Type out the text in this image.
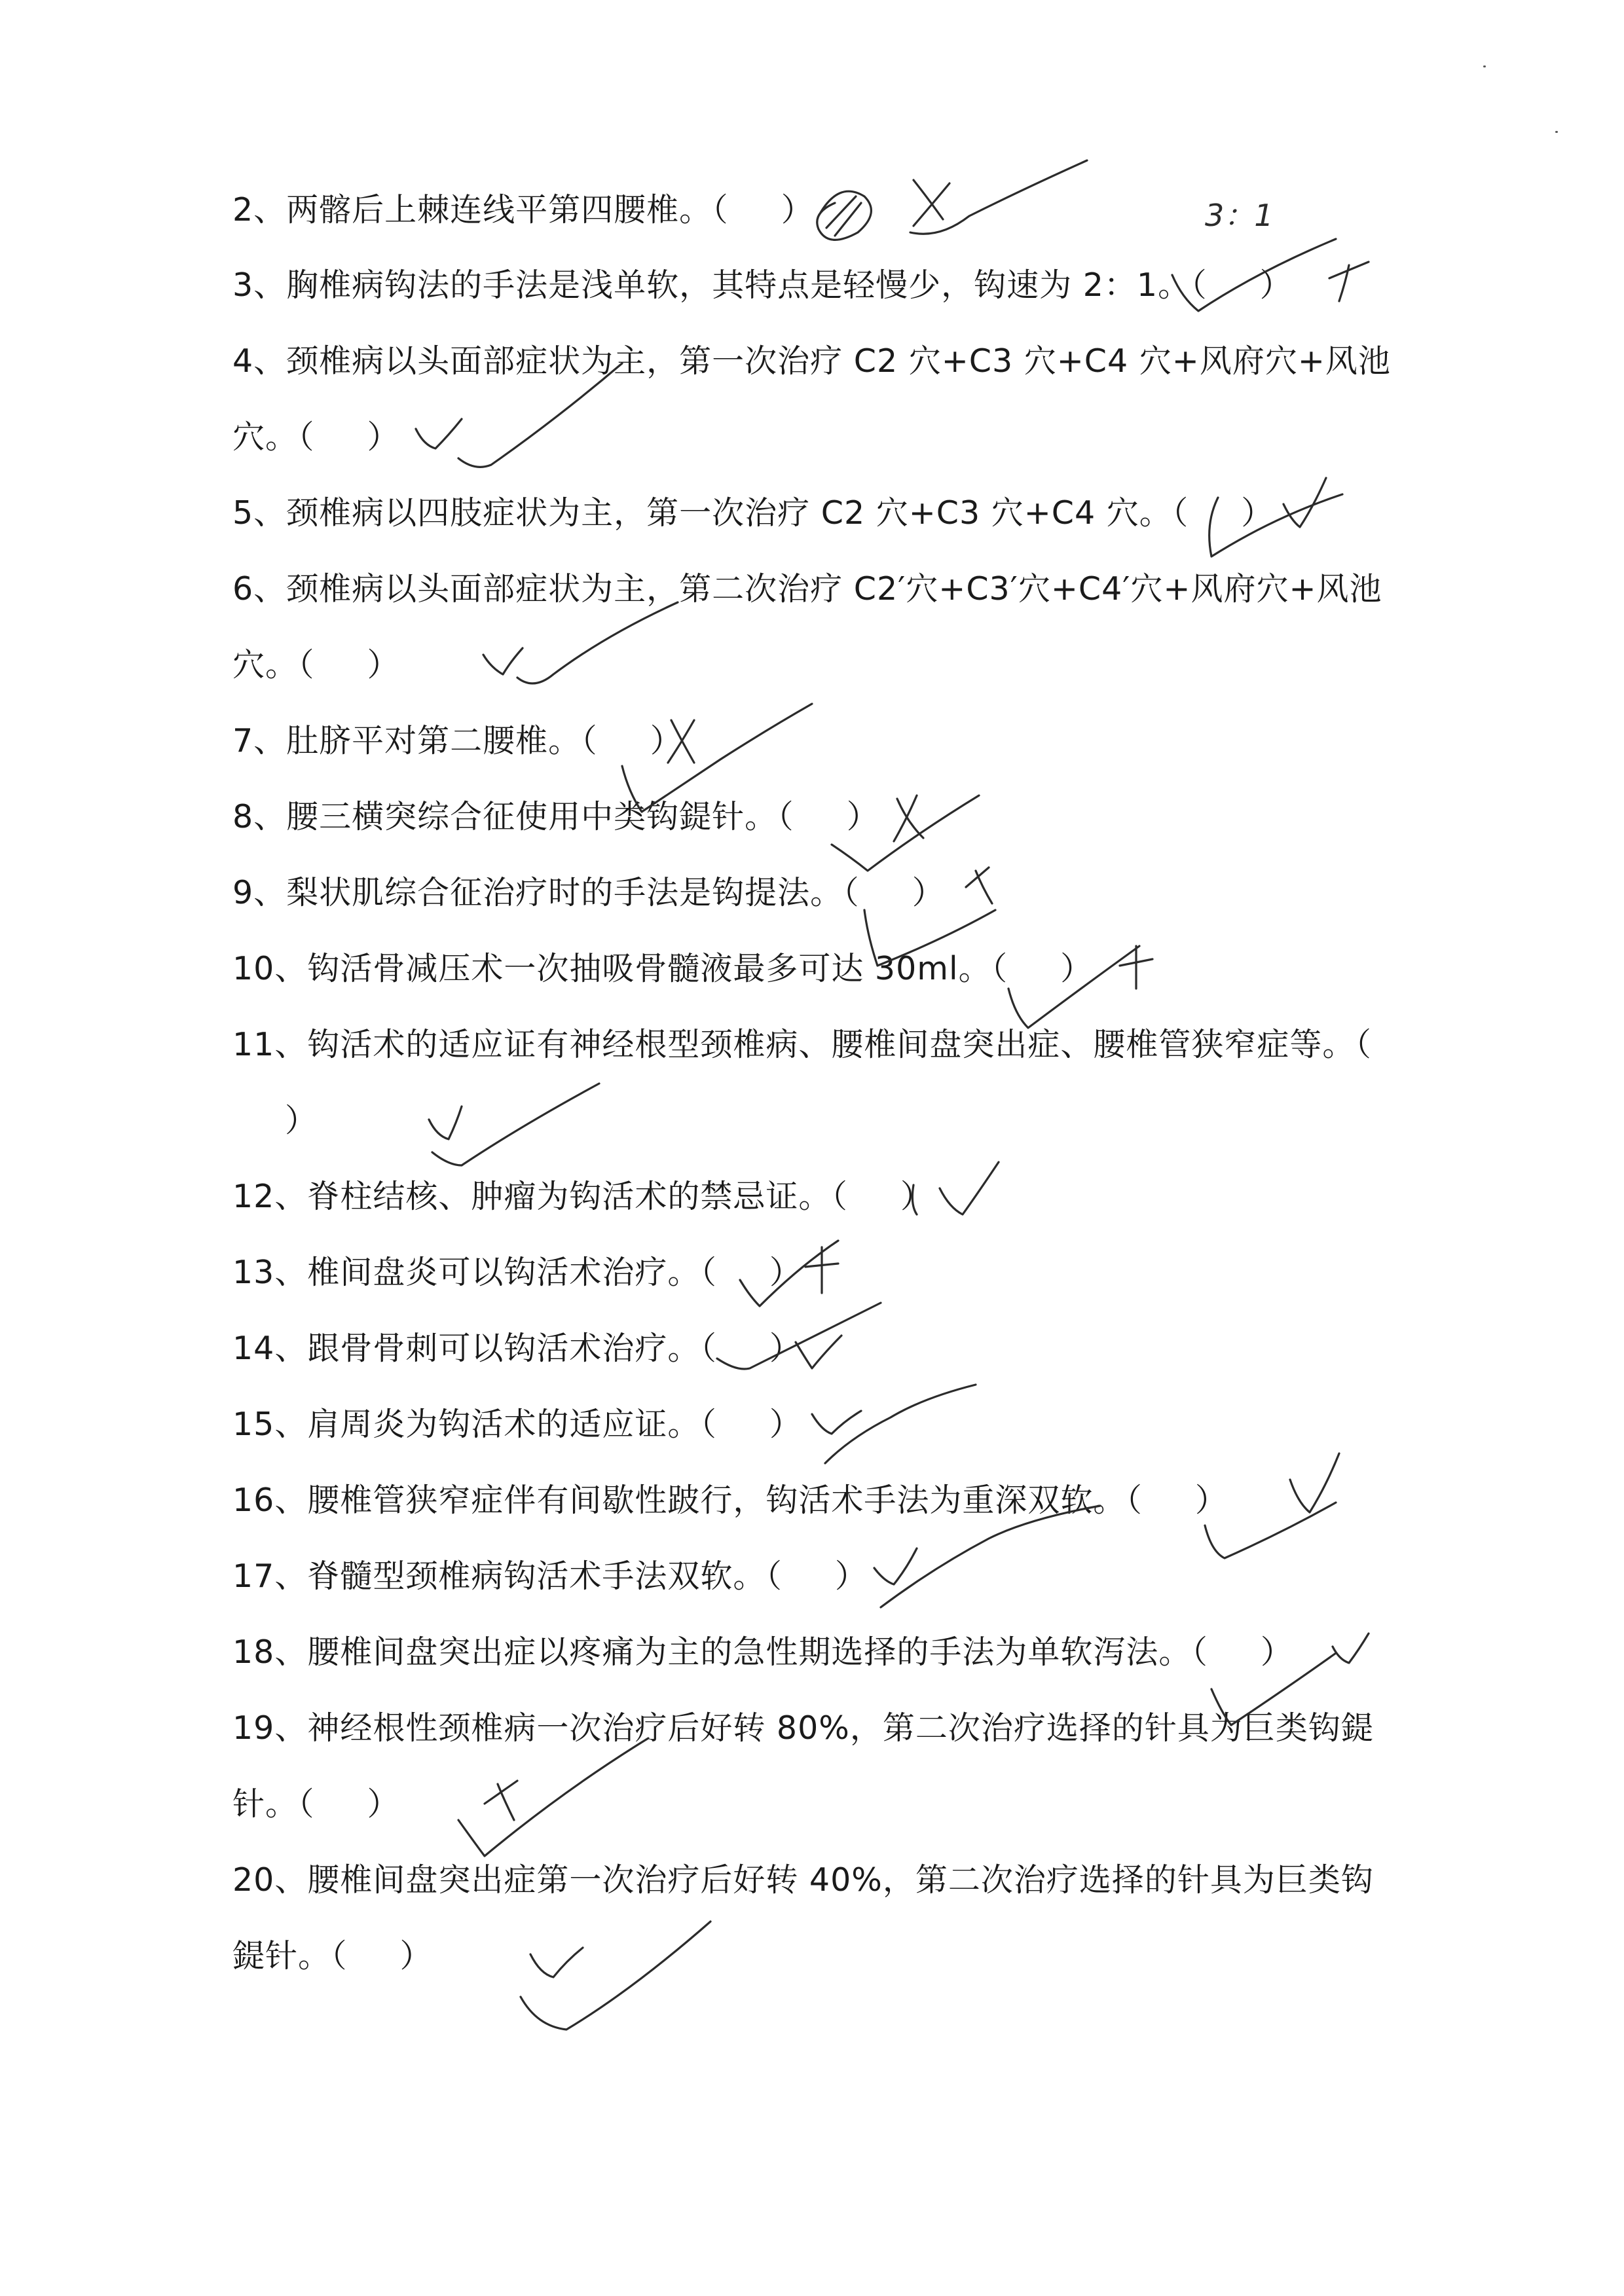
2、两髂后上棘连线平第四腰椎。（ ）

3、胸椎病钩法的手法是浅单软，其特点是轻慢少，钩速为 2：1。（ ）

4、颈椎病以头面部症状为主，第一次治疗 C2 穴+C3 穴+C4 穴+风府穴+风池穴。（ ）

5、颈椎病以四肢症状为主，第一次治疗 C2 穴+C3 穴+C4 穴。（ ）

6、颈椎病以头面部症状为主，第二次治疗 C2′穴+C3′穴+C4′穴+风府穴+风池穴。（ ）

7、肚脐平对第二腰椎。（ ）

8、腰三横突综合征使用中类钩鍉针。（ ）

9、梨状肌综合征治疗时的手法是钩提法。（ ）

10、钩活骨减压术一次抽吸骨髓液最多可达 30ml。（ ）

11、钩活术的适应证有神经根型颈椎病、腰椎间盘突出症、腰椎管狭窄症等。（）

12、脊柱结核、肿瘤为钩活术的禁忌证。（ ）

13、椎间盘炎可以钩活术治疗。（ ）

14、跟骨骨刺可以钩活术治疗。（ ）

15、肩周炎为钩活术的适应证。（ ）

16、腰椎管狭窄症伴有间歇性跛行，钩活术手法为重深双软。（ ）

17、脊髓型颈椎病钩活术手法双软。（ ）

18、腰椎间盘突出症以疼痛为主的急性期选择的手法为单软泻法。（ ）

19、神经根性颈椎病一次治疗后好转 80%，第二次治疗选择的针具为巨类钩鍉针。（ ）

20、腰椎间盘突出症第一次治疗后好转 40%，第二次治疗选择的针具为巨类钩鍉针。（ ）

3：1
